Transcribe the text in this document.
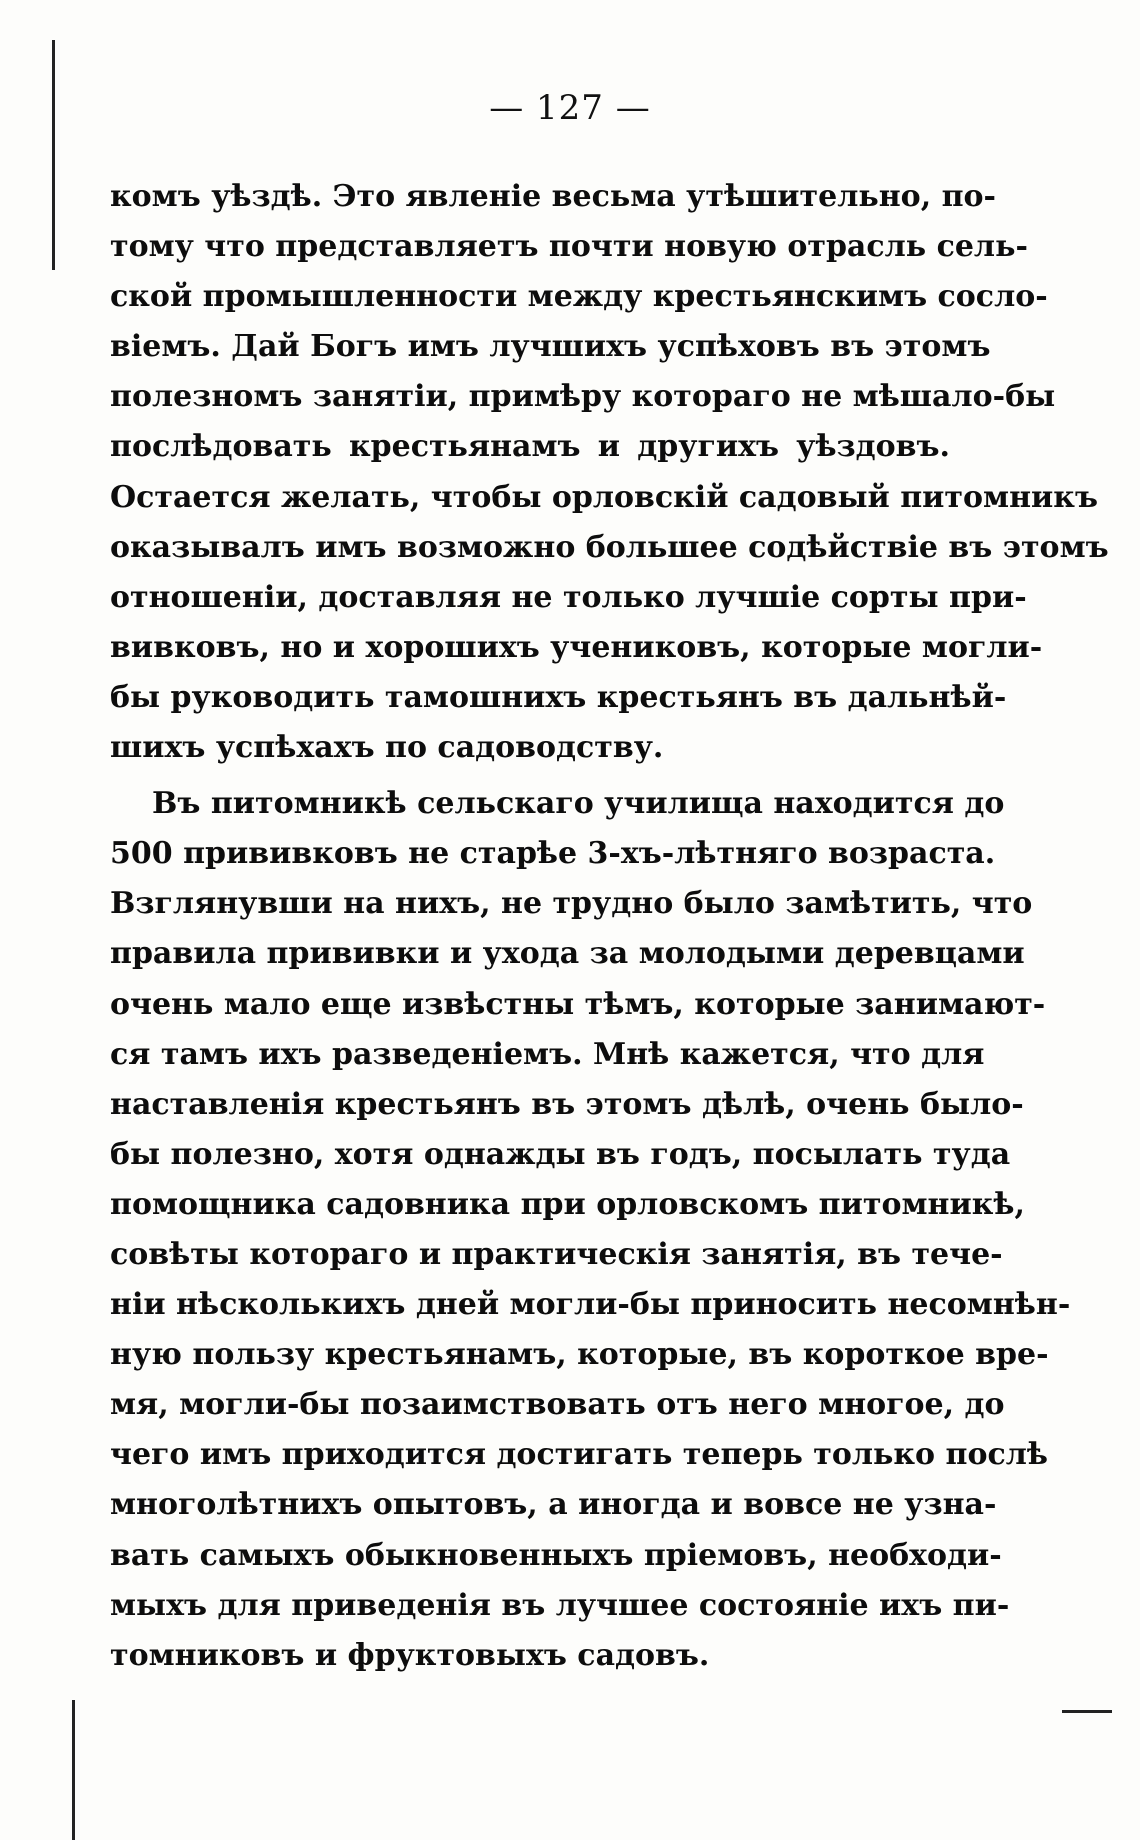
— 127 —
комъ уѣздѣ. Это явленіе весьма утѣшительно, по-
тому что представляетъ почти новую отрасль сель-
ской промышленности между крестьянскимъ сосло-
віемъ. Дай Богъ имъ лучшихъ успѣховъ въ этомъ
полезномъ занятіи, примѣру котораго не мѣшало-бы
послѣдовать крестьянамъ и другихъ уѣздовъ.
Остается желать, чтобы орловскій садовый питомникъ
оказывалъ имъ возможно большее содѣйствіе въ этомъ
отношеніи, доставляя не только лучшіе сорты при-
вивковъ, но и хорошихъ учениковъ, которые могли-
бы руководить тамошнихъ крестьянъ въ дальнѣй-
шихъ успѣхахъ по садоводству.
Въ питомникѣ сельскаго училища находится до
500 прививковъ не старѣе 3-хъ-лѣтняго возраста.
Взглянувши на нихъ, не трудно было замѣтить, что
правила прививки и ухода за молодыми деревцами
очень мало еще извѣстны тѣмъ, которые занимают-
ся тамъ ихъ разведеніемъ. Мнѣ кажется, что для
наставленія крестьянъ въ этомъ дѣлѣ, очень было-
бы полезно, хотя однажды въ годъ, посылать туда
помощника садовника при орловскомъ питомникѣ,
совѣты котораго и практическія занятія, въ тече-
ніи нѣсколькихъ дней могли-бы приносить несомнѣн-
ную пользу крестьянамъ, которые, въ короткое вре-
мя, могли-бы позаимствовать отъ него многое, до
чего имъ приходится достигать теперь только послѣ
многолѣтнихъ опытовъ, а иногда и вовсе не узна-
вать самыхъ обыкновенныхъ пріемовъ, необходи-
мыхъ для приведенія въ лучшее состояніе ихъ пи-
томниковъ и фруктовыхъ садовъ.
